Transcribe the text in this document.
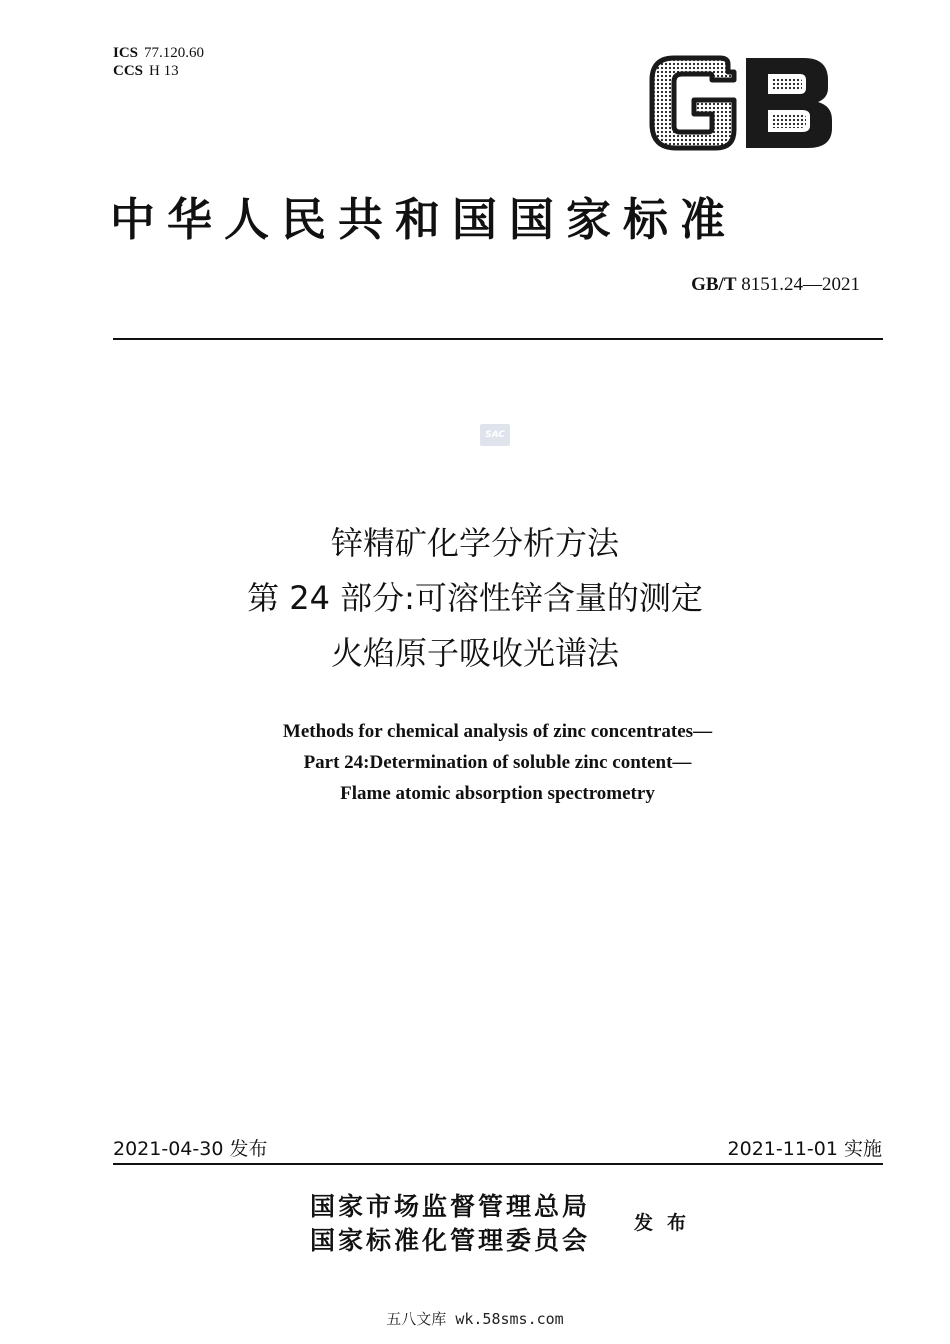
ICS 77.120.60
CCS H 13
中华人民共和国国家标准
GB/T 8151.24—2021
SAC
锌精矿化学分析方法
第 24 部分:可溶性锌含量的测定
火焰原子吸收光谱法
Methods for chemical analysis of zinc concentrates—
Part 24:Determination of soluble zinc content—
Flame atomic absorption spectrometry
2021-04-30 发布	2021-11-01 实施
国家市场监督管理总局
国家标准化管理委员会
发布
五八文库 wk.58sms.com
